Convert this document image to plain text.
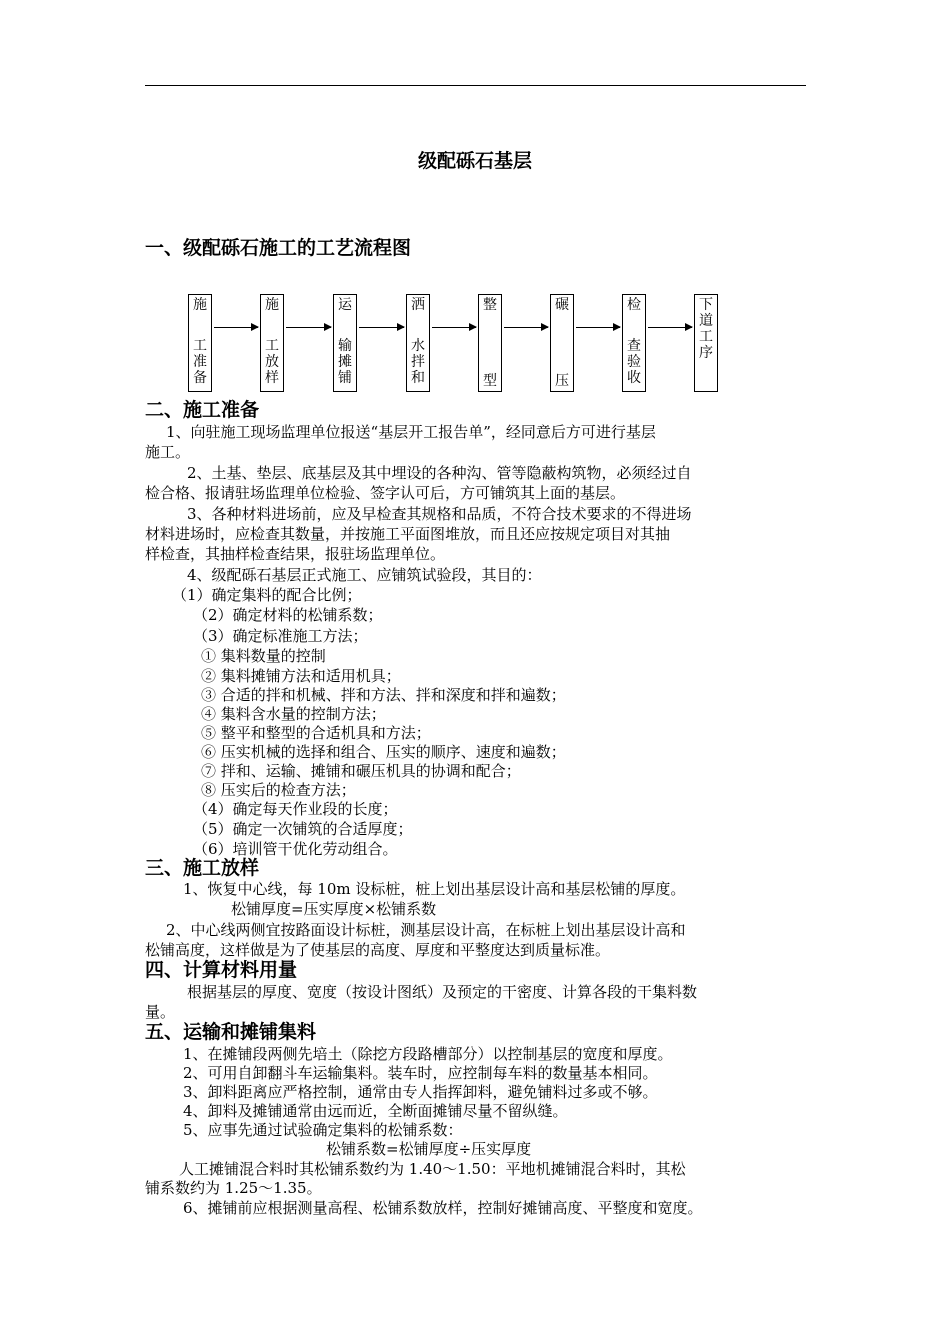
级配砾石基层
一、级配砾石施工的工艺流程图
施
工准备
施
工放样
运
输摊铺
洒
水拌和
整
型
碾
压
检
查验收
下道工序
二、施工准备
1、向驻施工现场监理单位报送“基层开工报告单”，经同意后方可进行基层
施工。
2、土基、垫层、底基层及其中埋设的各种沟、管等隐蔽构筑物，必须经过自
检合格、报请驻场监理单位检验、签字认可后，方可铺筑其上面的基层。
3、各种材料进场前，应及早检查其规格和品质，不符合技术要求的不得进场
材料进场时，应检查其数量，并按施工平面图堆放，而且还应按规定项目对其抽
样检查，其抽样检查结果，报驻场监理单位。
4、级配砾石基层正式施工、应铺筑试验段，其目的：
（1）确定集料的配合比例；
（2）确定材料的松铺系数；
（3）确定标准施工方法；
① 集料数量的控制
② 集料摊铺方法和适用机具；
③ 合适的拌和机械、拌和方法、拌和深度和拌和遍数；
④ 集料含水量的控制方法；
⑤ 整平和整型的合适机具和方法；
⑥ 压实机械的选择和组合、压实的顺序、速度和遍数；
⑦ 拌和、运输、摊铺和碾压机具的协调和配合；
⑧ 压实后的检查方法；
（4）确定每天作业段的长度；
（5）确定一次铺筑的合适厚度；
（6）培训管干优化劳动组合。
三、施工放样
1、恢复中心线，每 10m 设标桩，桩上划出基层设计高和基层松铺的厚度。
松铺厚度=压实厚度×松铺系数
2、中心线两侧宜按路面设计标桩，测基层设计高，在标桩上划出基层设计高和
松铺高度，这样做是为了使基层的高度、厚度和平整度达到质量标准。
四、计算材料用量
根据基层的厚度、宽度（按设计图纸）及预定的干密度、计算各段的干集料数
量。
五、运输和摊铺集料
1、在摊铺段两侧先培土（除挖方段路槽部分）以控制基层的宽度和厚度。
2、可用自卸翻斗车运输集料。装车时，应控制每车料的数量基本相同。
3、卸料距离应严格控制，通常由专人指挥卸料，避免铺料过多或不够。
4、卸料及摊铺通常由远而近，全断面摊铺尽量不留纵缝。
5、应事先通过试验确定集料的松铺系数：
松铺系数=松铺厚度÷压实厚度
人工摊铺混合料时其松铺系数约为 1.40～1.50：平地机摊铺混合料时，其松
铺系数约为 1.25～1.35。
6、摊铺前应根据测量高程、松铺系数放样，控制好摊铺高度、平整度和宽度。
